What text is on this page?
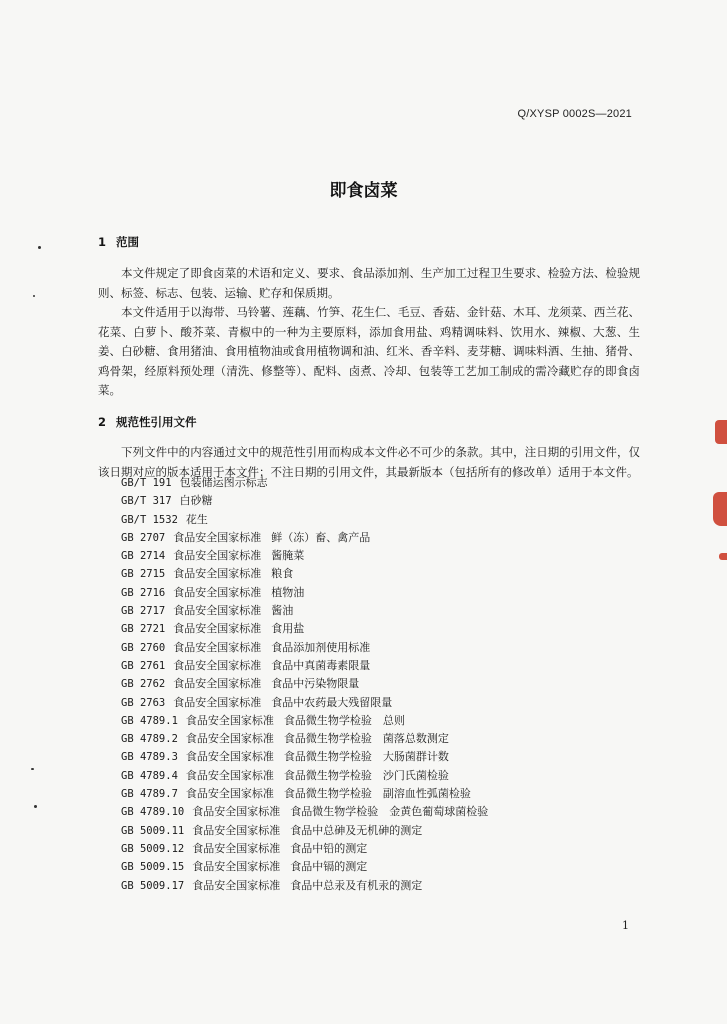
Q/XYSP 0002S—2021
即食卤菜
1 范围

本文件规定了即食卤菜的术语和定义、要求、食品添加剂、生产加工过程卫生要求、检验方法、检验规则、标签、标志、包装、运输、贮存和保质期。

本文件适用于以海带、马铃薯、莲藕、竹笋、花生仁、毛豆、香菇、金针菇、木耳、龙须菜、西兰花、花菜、白萝卜、酸芥菜、青椒中的一种为主要原料，添加食用盐、鸡精调味料、饮用水、辣椒、大葱、生姜、白砂糖、食用猪油、食用植物油或食用植物调和油、红米、香辛料、麦芽糖、调味料酒、生抽、猪骨、鸡骨架，经原料预处理（清洗、修整等）、配料、卤煮、冷却、包装等工艺加工制成的需冷藏贮存的即食卤菜。

2 规范性引用文件

下列文件中的内容通过文中的规范性引用而构成本文件必不可少的条款。其中，注日期的引用文件，仅该日期对应的版本适用于本文件；不注日期的引用文件，其最新版本（包括所有的修改单）适用于本文件。

GB/T 191 包装储运图示标志
GB/T 317 白砂糖
GB/T 1532 花生
GB 2707 食品安全国家标准 鲜（冻）畜、禽产品
GB 2714 食品安全国家标准 酱腌菜
GB 2715 食品安全国家标准 粮食
GB 2716 食品安全国家标准 植物油
GB 2717 食品安全国家标准 酱油
GB 2721 食品安全国家标准 食用盐
GB 2760 食品安全国家标准 食品添加剂使用标准
GB 2761 食品安全国家标准 食品中真菌毒素限量
GB 2762 食品安全国家标准 食品中污染物限量
GB 2763 食品安全国家标准 食品中农药最大残留限量
GB 4789.1 食品安全国家标准 食品微生物学检验　总则
GB 4789.2 食品安全国家标准 食品微生物学检验　菌落总数测定
GB 4789.3 食品安全国家标准 食品微生物学检验　大肠菌群计数
GB 4789.4 食品安全国家标准 食品微生物学检验　沙门氏菌检验
GB 4789.7 食品安全国家标准 食品微生物学检验　副溶血性弧菌检验
GB 4789.10 食品安全国家标准 食品微生物学检验　金黄色葡萄球菌检验
GB 5009.11 食品安全国家标准 食品中总砷及无机砷的测定
GB 5009.12 食品安全国家标准 食品中铅的测定
GB 5009.15 食品安全国家标准 食品中镉的测定
GB 5009.17 食品安全国家标准 食品中总汞及有机汞的测定
1
